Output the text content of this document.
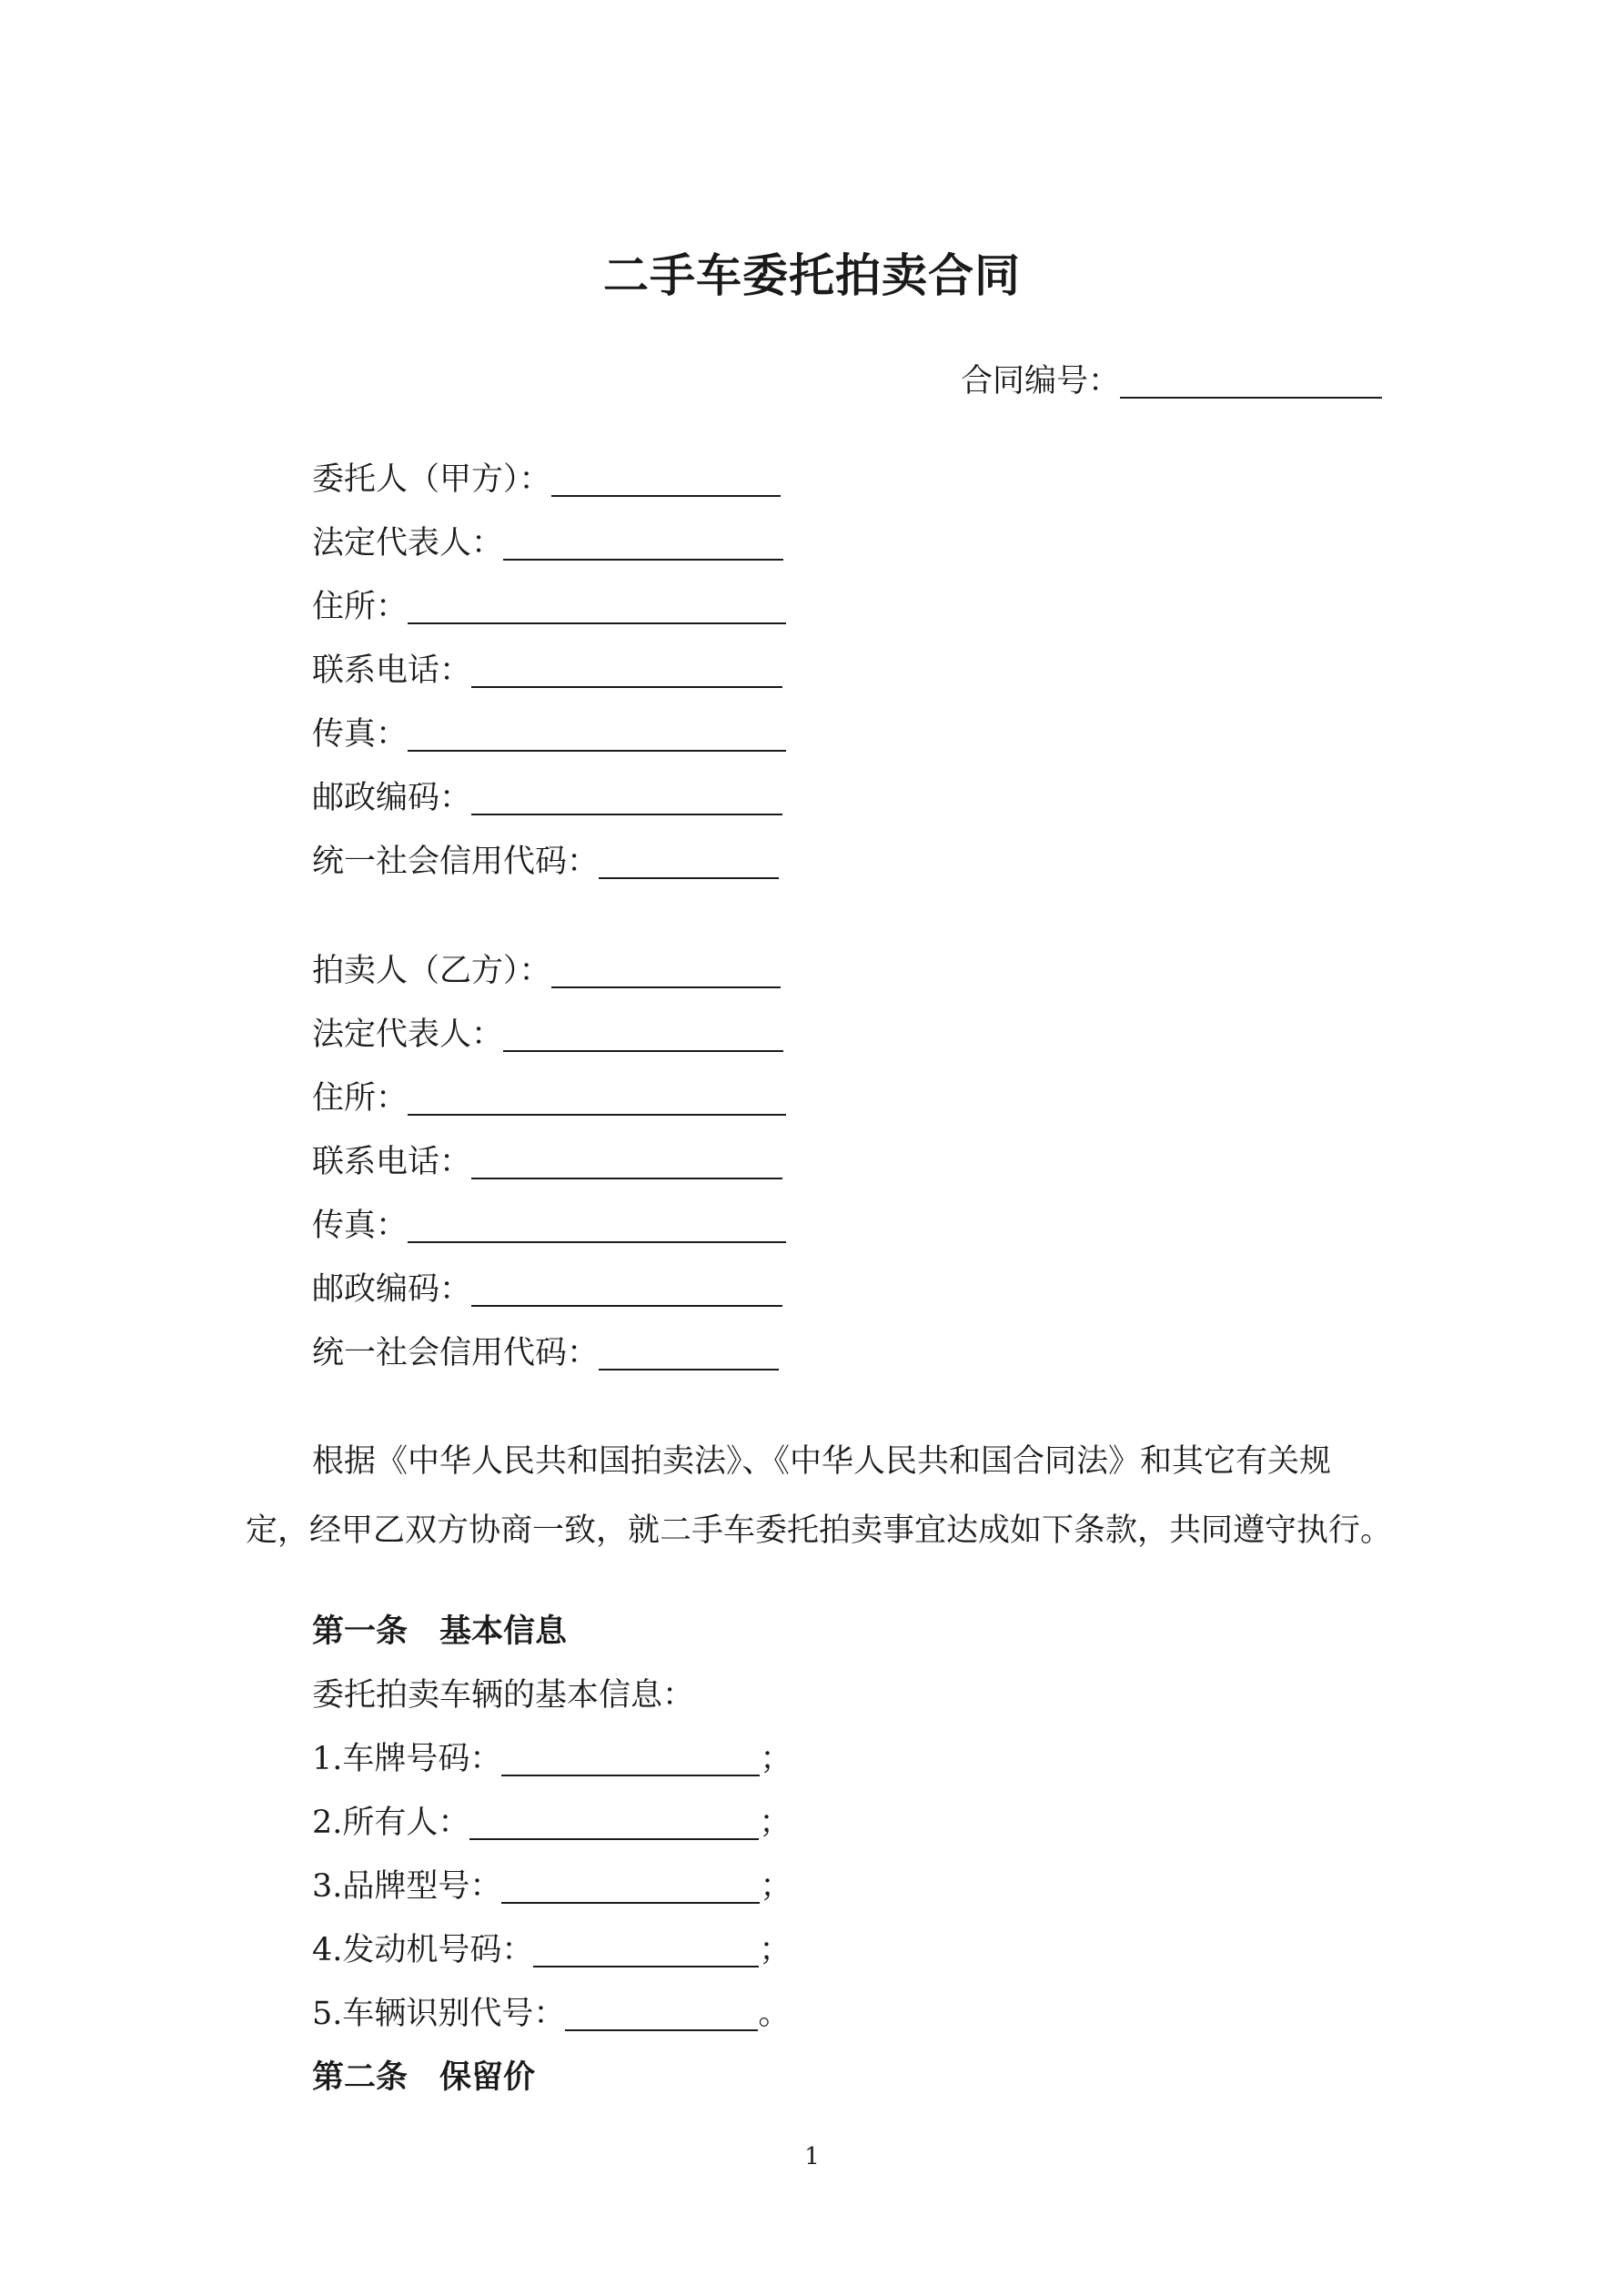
二手车委托拍卖合同
合同编号：
委托人（甲方）：
法定代表人：
住所：
联系电话：
传真：
邮政编码：
统一社会信用代码：
拍卖人（乙方）：
法定代表人：
住所：
联系电话：
传真：
邮政编码：
统一社会信用代码：
根据《中华人民共和国拍卖法》、《中华人民共和国合同法》和其它有关规定，经甲乙双方协商一致，就二手车委托拍卖事宜达成如下条款，共同遵守执行。
第一条 基本信息
委托拍卖车辆的基本信息：
1.车牌号码：	；
2.所有人：	；
3.品牌型号：	；
4.发动机号码：	；
5.车辆识别代号：	。
第二条 保留价
1
